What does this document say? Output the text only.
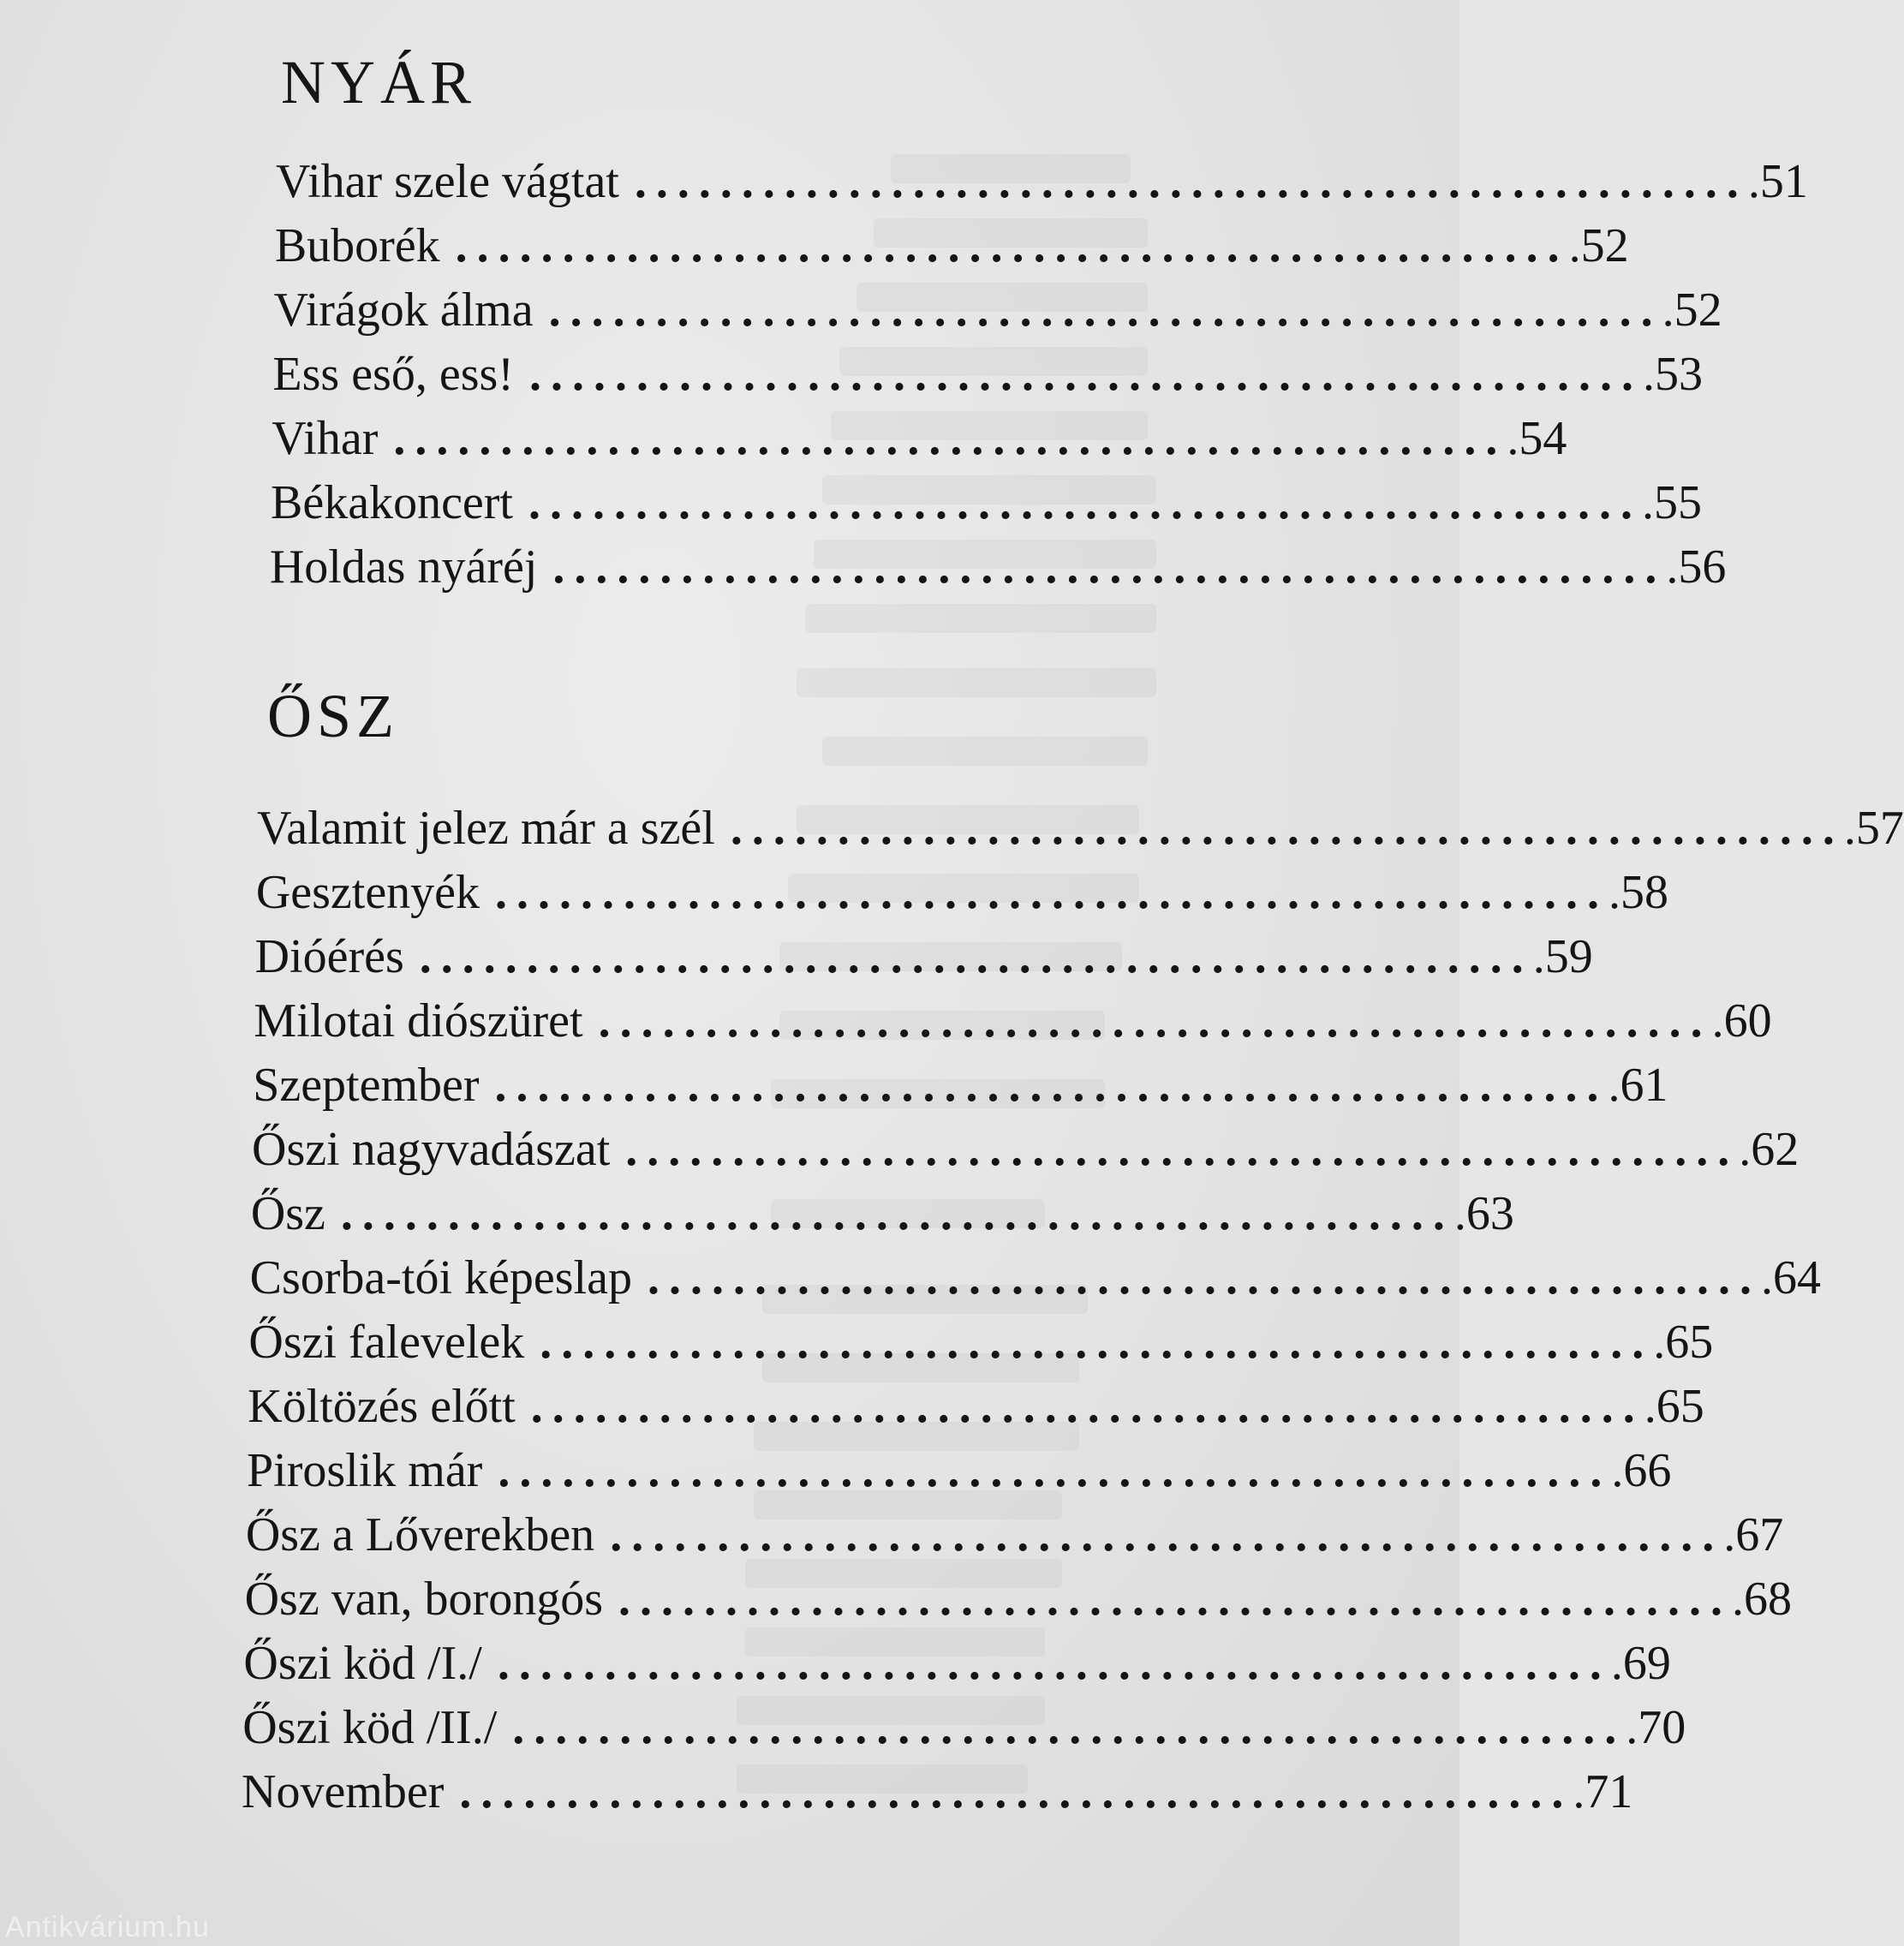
NYÁR
Vihar szele vágtat .................................................... .51
Buborék .................................................... .52
Virágok álma .................................................... .52
Ess eső, ess! .................................................... .53
Vihar .................................................... .54
Békakoncert .................................................... .55
Holdas nyáréj .................................................... .56
ŐSZ
Valamit jelez már a szél .................................................... .57
Gesztenyék .................................................... .58
Dióérés .................................................... .59
Milotai diószüret .................................................... .60
Szeptember .................................................... .61
Őszi nagyvadászat .................................................... .62
Ősz .................................................... .63
Csorba-tói képeslap .................................................... .64
Őszi falevelek .................................................... .65
Költözés előtt .................................................... .65
Piroslik már .................................................... .66
Ősz a Lőverekben .................................................... .67
Ősz van, borongós .................................................... .68
Őszi köd /I./ .................................................... .69
Őszi köd /II./ .................................................... .70
November .................................................... .71
Antikvárium.hu
